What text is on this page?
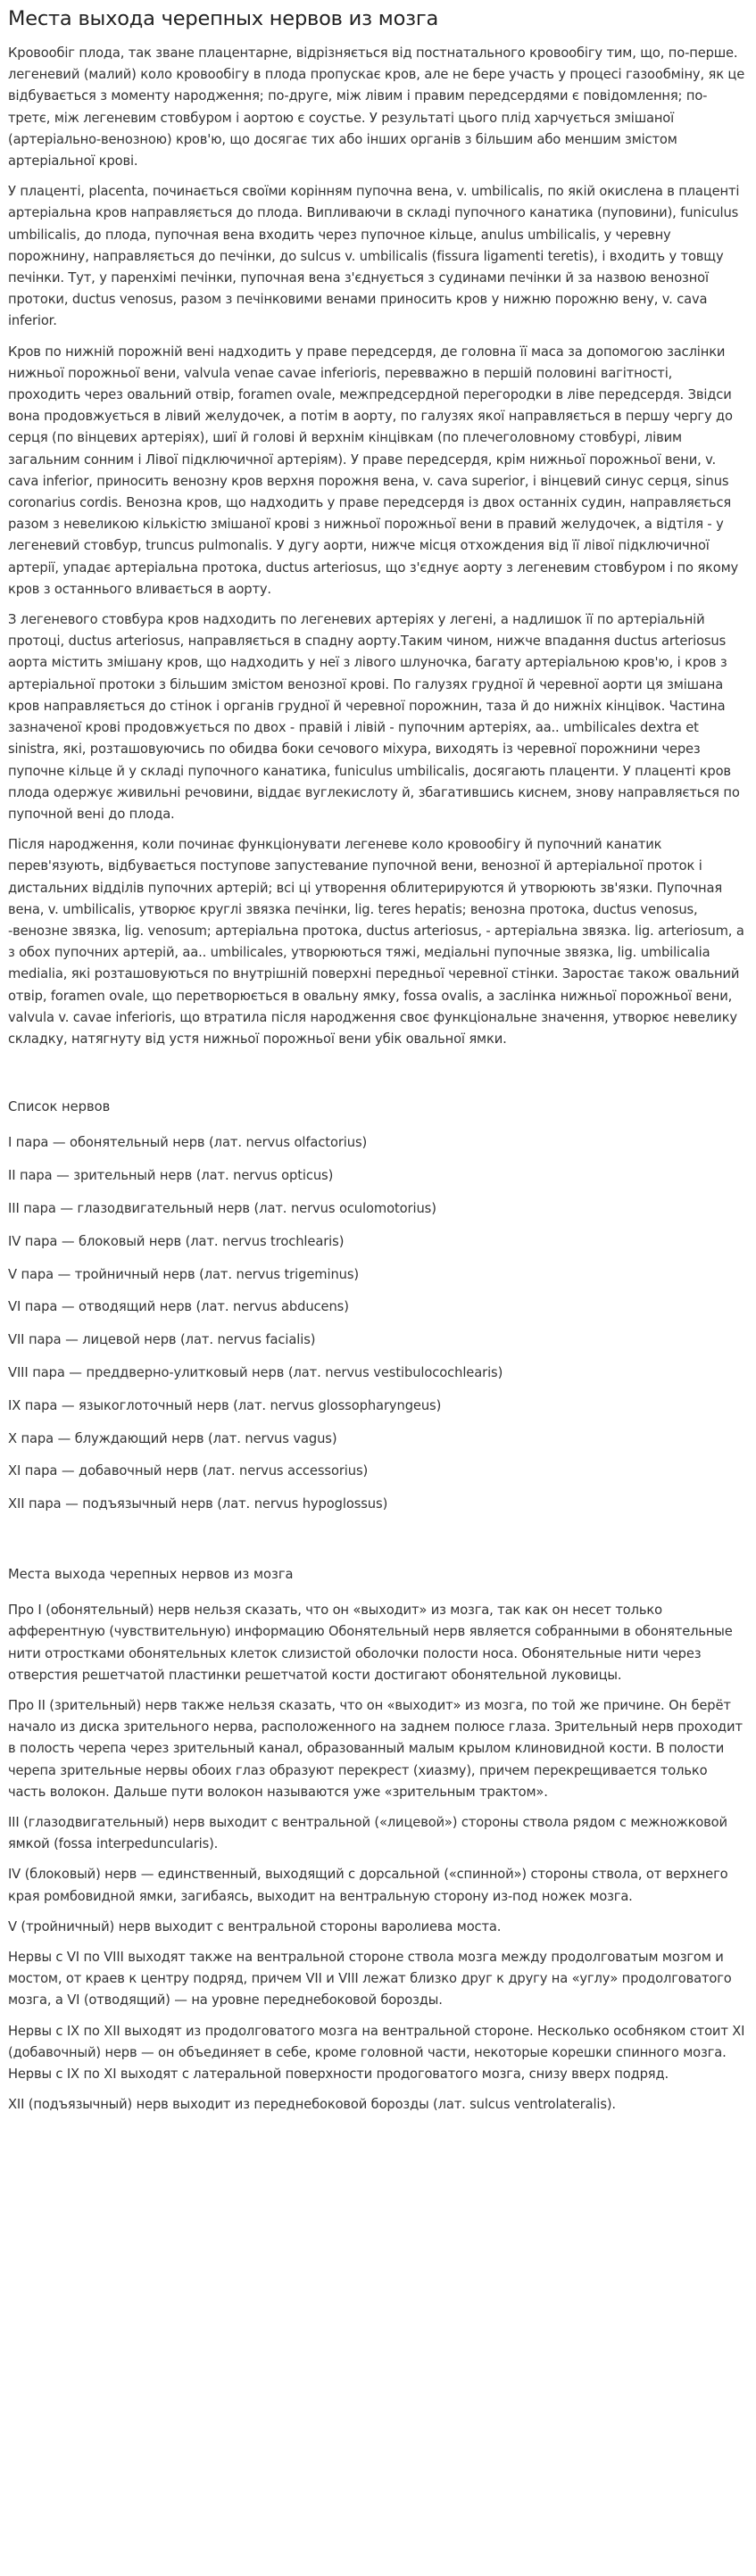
Места выхода черепных нервов из мозга

Кровообіг плода, так зване плацентарне, відрізняється від постнатального кровообігу тим, що, по-перше. легеневий (малий) коло кровообігу в плода пропускає кров, але не бере участь у процесі газообміну, як це відбувається з моменту народження; по-друге, між лівим і правим передсердями є повідомлення; по-третє, між легеневим стовбуром і аортою є соустье. У результаті цього плід харчується змішаної (артеріально-венозною) кров'ю, що досягає тих або інших органів з більшим або меншим змістом артеріальної крові.

У плаценті, placenta, починається своїми корінням пупочна вена, v. umbilicalis, по якій окислена в плаценті артеріальна кров направляється до плода. Випливаючи в складі пупочного канатика (пуповини), funiculus umbilicalis, до плода, пупочная вена входить через пупочное кільце, anulus umbilicalis, у черевну порожнину, направляється до печінки, до sulcus v. umbilicalis (fissura ligamenti teretis), і входить у товщу печінки. Тут, у паренхімі печінки, пупочная вена з'єднується з судинами печінки й за назвою венозної протоки, ductus venosus, разом з печінковими венами приносить кров у нижню порожню вену, v. cava inferior.

Кров по нижній порожній вені надходить у праве передсердя, де головна її маса за допомогою заслінки нижньої порожньої вени, valvula venae cavae inferioris, перевважно в першій половині вагітності, проходить через овальний отвір, foramen ovale, межпредсердной перегородки в ліве передсердя. Звідси вона продовжується в лівий желудочек, а потім в аорту, по галузях якої направляється в першу чергу до серця (по вінцевих артеріях), шиї й голові й верхнім кінцівкам (по плечеголовному стовбурі, лівим загальним сонним і Лівої підключичної артеріям). У праве передсердя, крім нижньої порожньої вени, v. cava inferior, приносить венозну кров верхня порожня вена, v. cava superior, і вінцевий синус серця, sinus coronarius cordis. Венозна кров, що надходить у праве передсердя із двох останніх судин, направляється разом з невеликою кількістю змішаної крові з нижньої порожньої вени в правий желудочек, а відтіля - у легеневий стовбур, truncus pulmonalis. У дугу аорти, нижче місця отхождения від її лівої підключичної артерії, упадає артеріальна протока, ductus arteriosus, що з'єднує аорту з легеневим стовбуром і по якому кров з останнього вливається в аорту.

З легеневого стовбура кров надходить по легеневих артеріях у легені, а надлишок її по артеріальній протоці, ductus arteriosus, направляється в спадну аорту.Таким чином, нижче впадання ductus arteriosus аорта містить змішану кров, що надходить у неї з лівого шлуночка, багату артеріальною кров'ю, і кров з артеріальної протоки з більшим змістом венозної крові. По галузях грудної й черевної аорти ця змішана кров направляється до стінок і органів грудної й черевної порожнин, таза й до нижніх кінцівок. Частина зазначеної крові продовжується по двох - правій і лівій - пупочним артеріях, аа.. umbilicales dextra et sinistra, які, розташовуючись по обидва боки сечового міхура, виходять із черевної порожнини через пупочне кільце й у складі пупочного канатика, funiculus umbilicalis, досягають плаценти. У плаценті кров плода одержує живильні речовини, віддає вуглекислоту й, збагатившись киснем, знову направляється по пупочной вені до плода.

Після народження, коли починає функціонувати легеневе коло кровообігу й пупочний канатик перев'язують, відбувається поступове запустевание пупочной вени, венозної й артеріальної проток і дистальних відділів пупочних артерій; всі ці утворення облитерируются й утворюють зв'язки. Пупочная вена, v. umbilicalis, утворює круглі звязка печінки, lig. teres hepatis; венозна протока, ductus venosus, -венозне звязка, lig. venosum; артеріальна протока, ductus arteriosus, - артеріальна звязка. lig. arteriosum, а з обох пупочних артерій, аа.. umbilicales, утворюються тяжі, медіальні пупочные звязка, lig. umbilicalia medialia, які розташовуються по внутрішній поверхні передньої черевної стінки. Заростає також овальний отвір, foramen ovale, що перетворюється в овальну ямку, fossa ovalis, а заслінка нижньої порожньої вени, valvula v. cavae inferioris, що втратила після народження своє функціональне значення, утворює невелику складку, натягнуту від устя нижньої порожньої вени убік овальної ямки.

Список нервов

I пара — обонятельный нерв (лат. nervus olfactorius)
II пара — зрительный нерв (лат. nervus opticus)
III пара — глазодвигательный нерв (лат. nervus oculomotorius)
IV пара — блоковый нерв (лат. nervus trochlearis)
V пара — тройничный нерв (лат. nervus trigeminus)
VI пара — отводящий нерв (лат. nervus abducens)
VII пара — лицевой нерв (лат. nervus facialis)
VIII пара — преддверно-улитковый нерв (лат. nervus vestibulocochlearis)
IX пара — языкоглоточный нерв (лат. nervus glossopharyngeus)
X пара — блуждающий нерв (лат. nervus vagus)
XI пара — добавочный нерв (лат. nervus accessorius)
XII пара — подъязычный нерв (лат. nervus hypoglossus)

Места выхода черепных нервов из мозга

Про I (обонятельный) нерв нельзя сказать, что он «выходит» из мозга, так как он несет только афферентную (чувствительную) информацию Обонятельный нерв является собранными в обонятельные нити отростками обонятельных клеток слизистой оболочки полости носа. Обонятельные нити через отверстия решетчатой пластинки решетчатой кости достигают обонятельной луковицы.

Про II (зрительный) нерв также нельзя сказать, что он «выходит» из мозга, по той же причине. Он берёт начало из диска зрительного нерва, расположенного на заднем полюсе глаза. Зрительный нерв проходит в полость черепа через зрительный канал, образованный малым крылом клиновидной кости. В полости черепа зрительные нервы обоих глаз образуют перекрест (хиазму), причем перекрещивается только часть волокон. Дальше пути волокон называются уже «зрительным трактом».

III (глазодвигательный) нерв выходит с вентральной («лицевой») стороны ствола рядом с межножковой ямкой (fossa interpeduncularis).

IV (блоковый) нерв — единственный, выходящий с дорсальной («спинной») стороны ствола, от верхнего края ромбовидной ямки, загибаясь, выходит на вентральную сторону из-под ножек мозга.

V (тройничный) нерв выходит с вентральной стороны варолиева моста.

Нервы с VI по VIII выходят также на вентральной стороне ствола мозга между продолговатым мозгом и мостом, от краев к центру подряд, причем VII и VIII лежат близко друг к другу на «углу» продолговатого мозга, а VI (отводящий) — на уровне переднебоковой борозды.

Нервы с IX по XII выходят из продолговатого мозга на вентральной стороне. Несколько особняком стоит XI (добавочный) нерв — он объединяет в себе, кроме головной части, некоторые корешки спинного мозга. Нервы с IX по XI выходят с латеральной поверхности продоговатого мозга, снизу вверх подряд.

XII (подъязычный) нерв выходит из переднебоковой борозды (лат. sulcus ventrolateralis).
